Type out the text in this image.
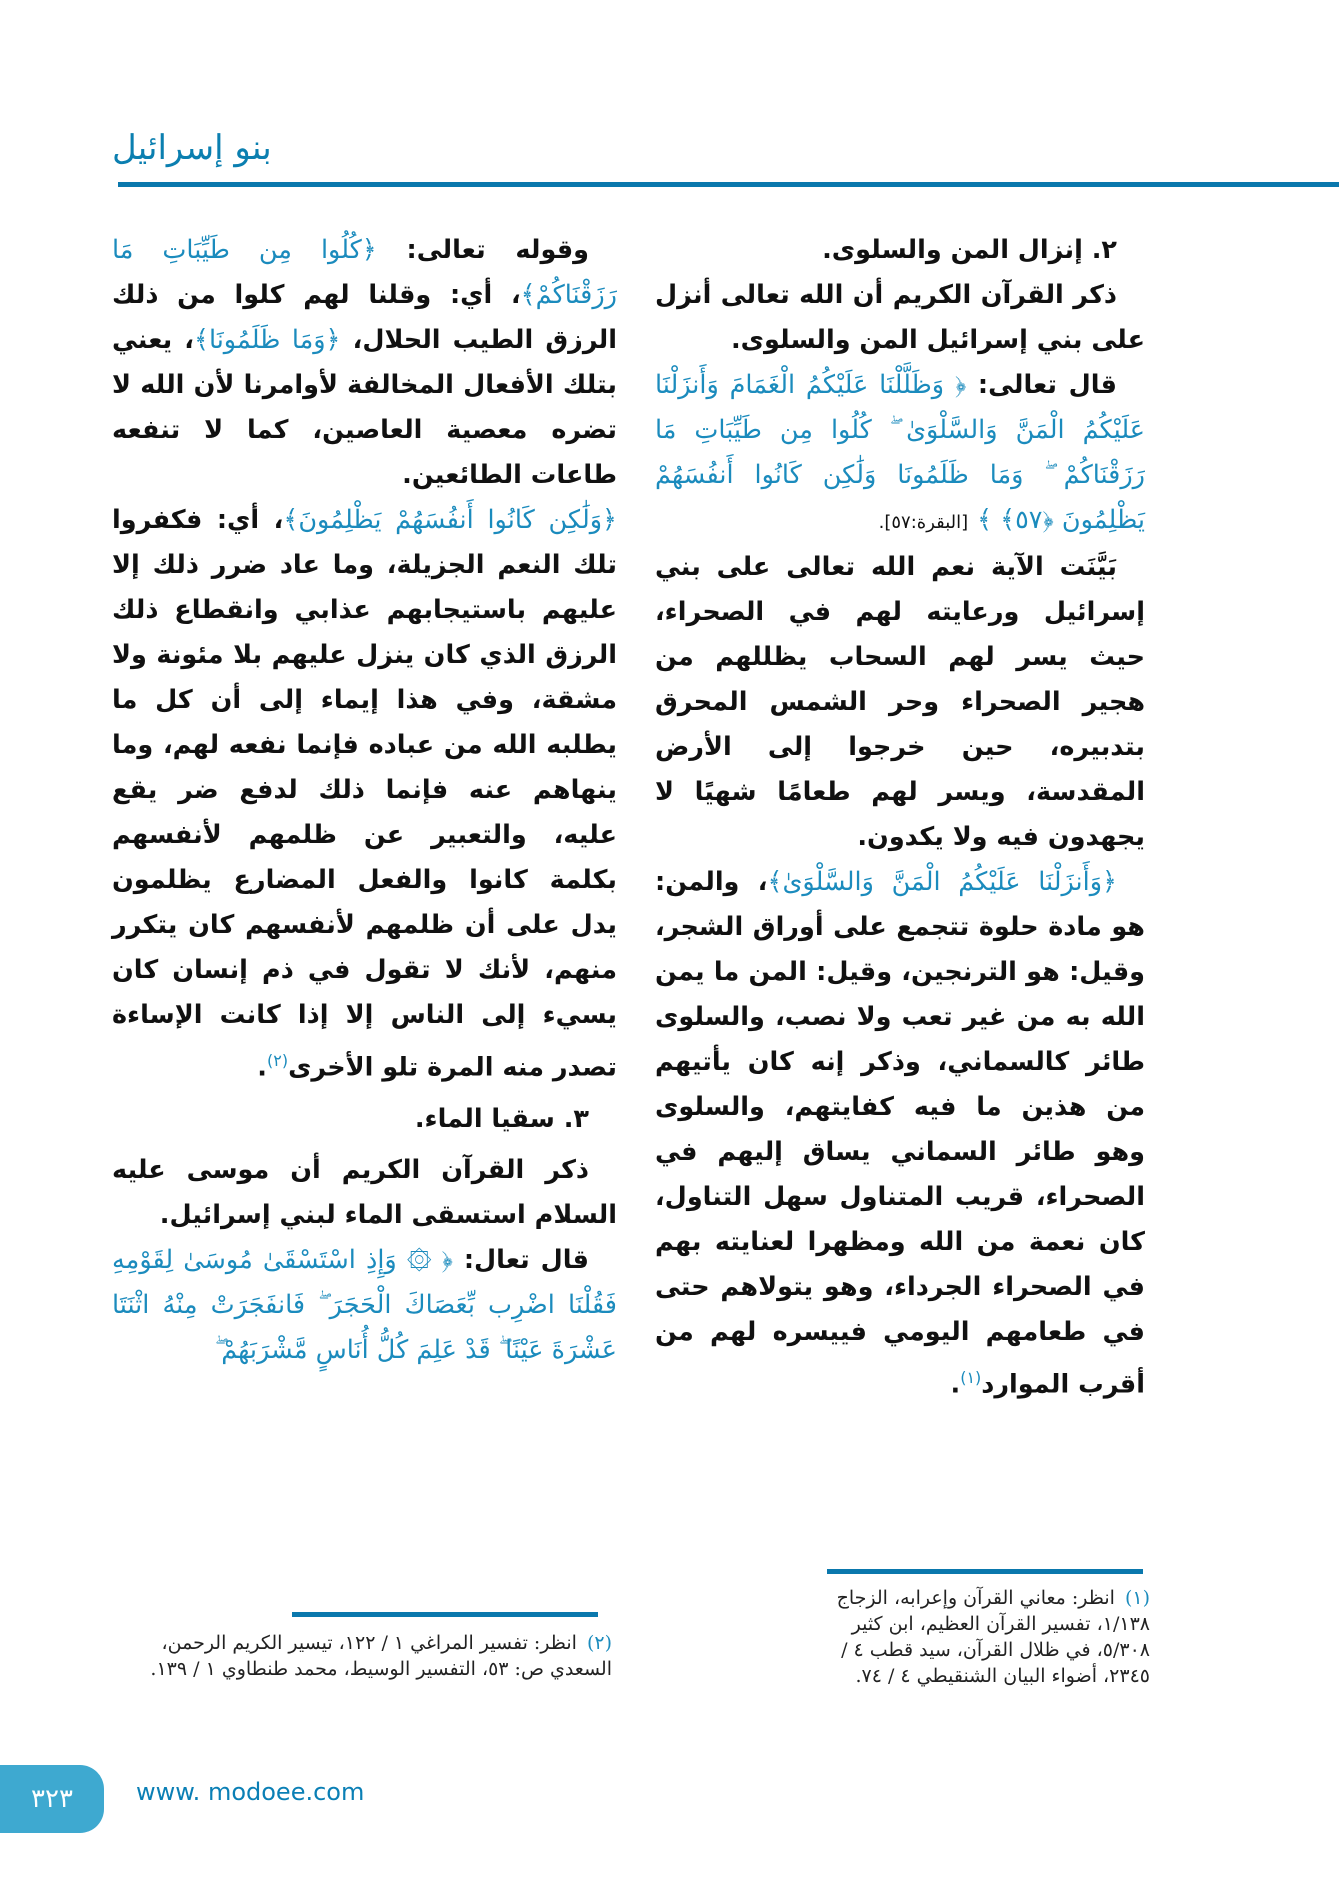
بنو إسرائيل

٢. إنزال المن والسلوى.

ذكر القرآن الكريم أن الله تعالى أنزل على بني إسرائيل المن والسلوى.

قال تعالى: ﴿ وَظَلَّلْنَا عَلَيْكُمُ الْغَمَامَ وَأَنزَلْنَا عَلَيْكُمُ الْمَنَّ وَالسَّلْوَىٰ ۖ كُلُوا مِن طَيِّبَاتِ مَا رَزَقْنَاكُمْ ۖ وَمَا ظَلَمُونَا وَلَٰكِن كَانُوا أَنفُسَهُمْ يَظْلِمُونَ ﴿٥٧﴾ ﴾ [البقرة:٥٧].

بَيَّنَت الآية نعم الله تعالى على بني إسرائيل ورعايته لهم في الصحراء، حيث يسر لهم السحاب يظللهم من هجير الصحراء وحر الشمس المحرق بتدبيره، حين خرجوا إلى الأرض المقدسة، ويسر لهم طعامًا شهيًا لا يجهدون فيه ولا يكدون.

﴿وَأَنزَلْنَا عَلَيْكُمُ الْمَنَّ وَالسَّلْوَىٰ﴾، والمن: هو مادة حلوة تتجمع على أوراق الشجر، وقيل: هو الترنجين، وقيل: المن ما يمن الله به من غير تعب ولا نصب، والسلوى طائر كالسماني، وذكر إنه كان يأتيهم من هذين ما فيه كفايتهم، والسلوى وهو طائر السماني يساق إليهم في الصحراء، قريب المتناول سهل التناول، كان نعمة من الله ومظهرا لعنايته بهم في الصحراء الجرداء، وهو يتولاهم حتى في طعامهم اليومي فييسره لهم من أقرب الموارد$^{(١)}$.

وقوله تعالى: ﴿كُلُوا مِن طَيِّبَاتِ مَا رَزَقْنَاكُمْ﴾، أي: وقلنا لهم كلوا من ذلك الرزق الطيب الحلال، ﴿وَمَا ظَلَمُونَا﴾، يعني بتلك الأفعال المخالفة لأوامرنا لأن الله لا تضره معصية العاصين، كما لا تنفعه طاعات الطائعين.

﴿وَلَٰكِن كَانُوا أَنفُسَهُمْ يَظْلِمُونَ﴾، أي: فكفروا تلك النعم الجزيلة، وما عاد ضرر ذلك إلا عليهم باستيجابهم عذابي وانقطاع ذلك الرزق الذي كان ينزل عليهم بلا مئونة ولا مشقة، وفي هذا إيماء إلى أن كل ما يطلبه الله من عباده فإنما نفعه لهم، وما ينهاهم عنه فإنما ذلك لدفع ضر يقع عليه، والتعبير عن ظلمهم لأنفسهم بكلمة كانوا والفعل المضارع يظلمون يدل على أن ظلمهم لأنفسهم كان يتكرر منهم، لأنك لا تقول في ذم إنسان كان يسيء إلى الناس إلا إذا كانت الإساءة تصدر منه المرة تلو الأخرى$^{(٢)}$.

٣. سقيا الماء.

ذكر القرآن الكريم أن موسى عليه السلام استسقى الماء لبني إسرائيل.

قال تعال: ﴿ ۞ وَإِذِ اسْتَسْقَىٰ مُوسَىٰ لِقَوْمِهِ فَقُلْنَا اضْرِب بِّعَصَاكَ الْحَجَرَ ۖ فَانفَجَرَتْ مِنْهُ اثْنَتَا عَشْرَةَ عَيْنًا ۖ قَدْ عَلِمَ كُلُّ أُنَاسٍ مَّشْرَبَهُمْ ۖ

(١)انظر: معاني القرآن وإعرابه، الزجاج ١/١٣٨، تفسير القرآن العظيم، ابن كثير ٥/٣٠٨، في ظلال القرآن، سيد قطب ٤ / ٢٣٤٥، أضواء البيان الشنقيطي ٤ / ٧٤.
(٢)انظر: تفسير المراغي ١ / ١٢٢، تيسير الكريم الرحمن، السعدي ص: ٥٣، التفسير الوسيط، محمد طنطاوي ١ / ١٣٩.
٣٢٣	www. modoee.com
